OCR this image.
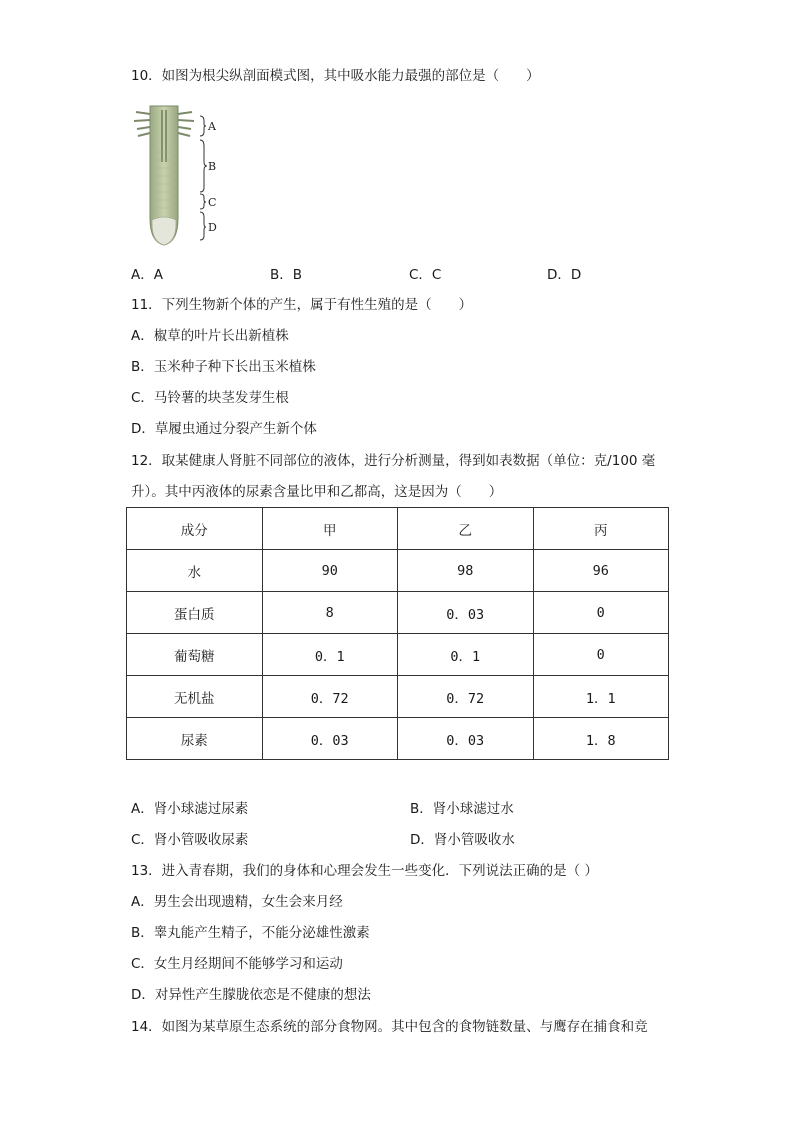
10．如图为根尖纵剖面模式图，其中吸水能力最强的部位是（　　）
A
B
C
D
A．A	B．B	C．C	D．D
11．下列生物新个体的产生，属于有性生殖的是（　　）
A．椒草的叶片长出新植株
B．玉米种子种下长出玉米植株
C．马铃薯的块茎发芽生根
D．草履虫通过分裂产生新个体
12．取某健康人肾脏不同部位的液体，进行分析测量，得到如表数据（单位：克/100 毫
升）。其中丙液体的尿素含量比甲和乙都高，这是因为（　　）
成分	甲	乙	丙
水	90	98	96
蛋白质	8	0．03	0
葡萄糖	0．1	0．1	0
无机盐	0．72	0．72	1．1
尿素	0．03	0．03	1．8
A．肾小球滤过尿素	B．肾小球滤过水
C．肾小管吸收尿素	D．肾小管吸收水
13．进入青春期，我们的身体和心理会发生一些变化．下列说法正确的是（ ）
A．男生会出现遗精，女生会来月经
B．睾丸能产生精子，不能分泌雄性激素
C．女生月经期间不能够学习和运动
D．对异性产生朦胧依恋是不健康的想法
14．如图为某草原生态系统的部分食物网。其中包含的食物链数量、与鹰存在捕食和竞
